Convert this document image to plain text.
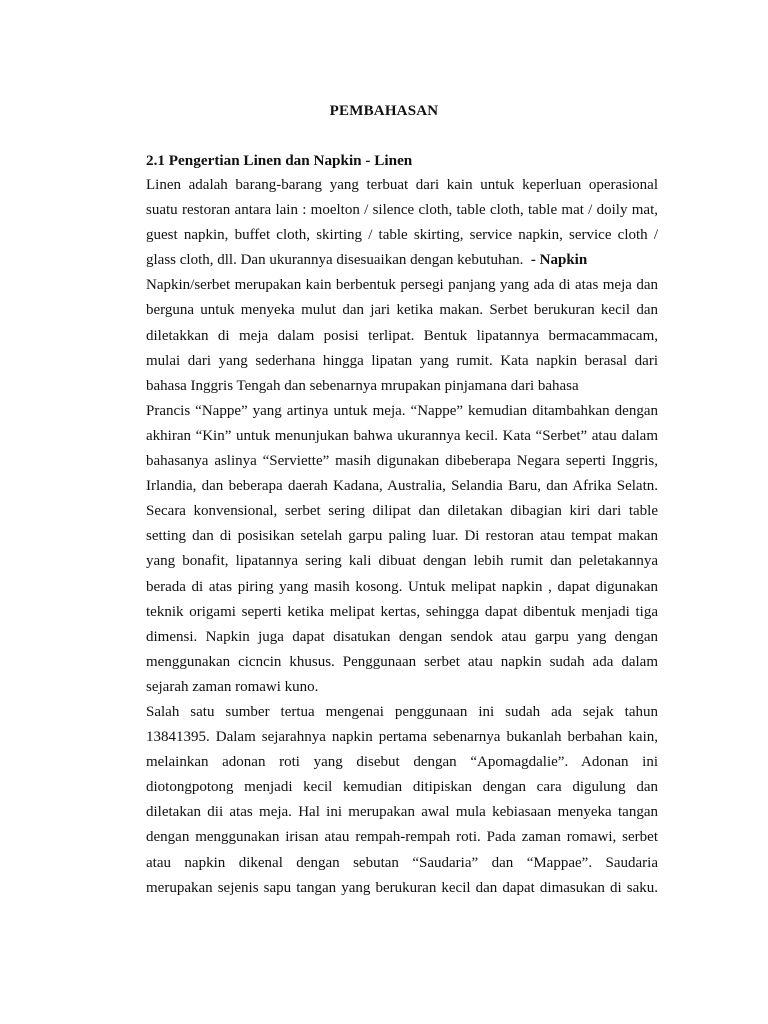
PEMBAHASAN
2.1 Pengertian Linen dan Napkin - Linen
Linen adalah barang-barang yang terbuat dari kain untuk keperluan operasional
suatu restoran antara lain : moelton / silence cloth, table cloth, table mat / doily mat,
guest napkin, buffet cloth, skirting / table skirting, service napkin, service cloth /
glass cloth, dll. Dan ukurannya disesuaikan dengan kebutuhan.  - Napkin
Napkin/serbet merupakan kain berbentuk persegi panjang yang ada di atas meja dan
berguna untuk menyeka mulut dan jari ketika makan. Serbet berukuran kecil dan
diletakkan di meja dalam posisi terlipat. Bentuk lipatannya bermacammacam,
mulai dari yang sederhana hingga lipatan yang rumit. Kata napkin berasal dari
bahasa Inggris Tengah dan sebenarnya mrupakan pinjamana dari bahasa
Prancis “Nappe” yang artinya untuk meja. “Nappe” kemudian ditambahkan dengan
akhiran “Kin” untuk menunjukan bahwa ukurannya kecil. Kata “Serbet” atau dalam
bahasanya aslinya “Serviette” masih digunakan dibeberapa Negara seperti Inggris,
Irlandia, dan beberapa daerah Kadana, Australia, Selandia Baru, dan Afrika Selatn.
Secara konvensional, serbet sering dilipat dan diletakan dibagian kiri dari table
setting dan di posisikan setelah garpu paling luar. Di restoran atau tempat makan
yang bonafit, lipatannya sering kali dibuat dengan lebih rumit dan peletakannya
berada di atas piring yang masih kosong. Untuk melipat napkin , dapat digunakan
teknik origami seperti ketika melipat kertas, sehingga dapat dibentuk menjadi tiga
dimensi. Napkin juga dapat disatukan dengan sendok atau garpu yang dengan
menggunakan cicncin khusus. Penggunaan serbet atau napkin sudah ada dalam
sejarah zaman romawi kuno.
Salah satu sumber tertua mengenai penggunaan ini sudah ada sejak tahun
13841395. Dalam sejarahnya napkin pertama sebenarnya bukanlah berbahan kain,
melainkan adonan roti yang disebut dengan “Apomagdalie”. Adonan ini
diotongpotong menjadi kecil kemudian ditipiskan dengan cara digulung dan
diletakan dii atas meja. Hal ini merupakan awal mula kebiasaan menyeka tangan
dengan menggunakan irisan atau rempah-rempah roti. Pada zaman romawi, serbet
atau napkin dikenal dengan sebutan “Saudaria” dan “Mappae”. Saudaria
merupakan sejenis sapu tangan yang berukuran kecil dan dapat dimasukan di saku.
